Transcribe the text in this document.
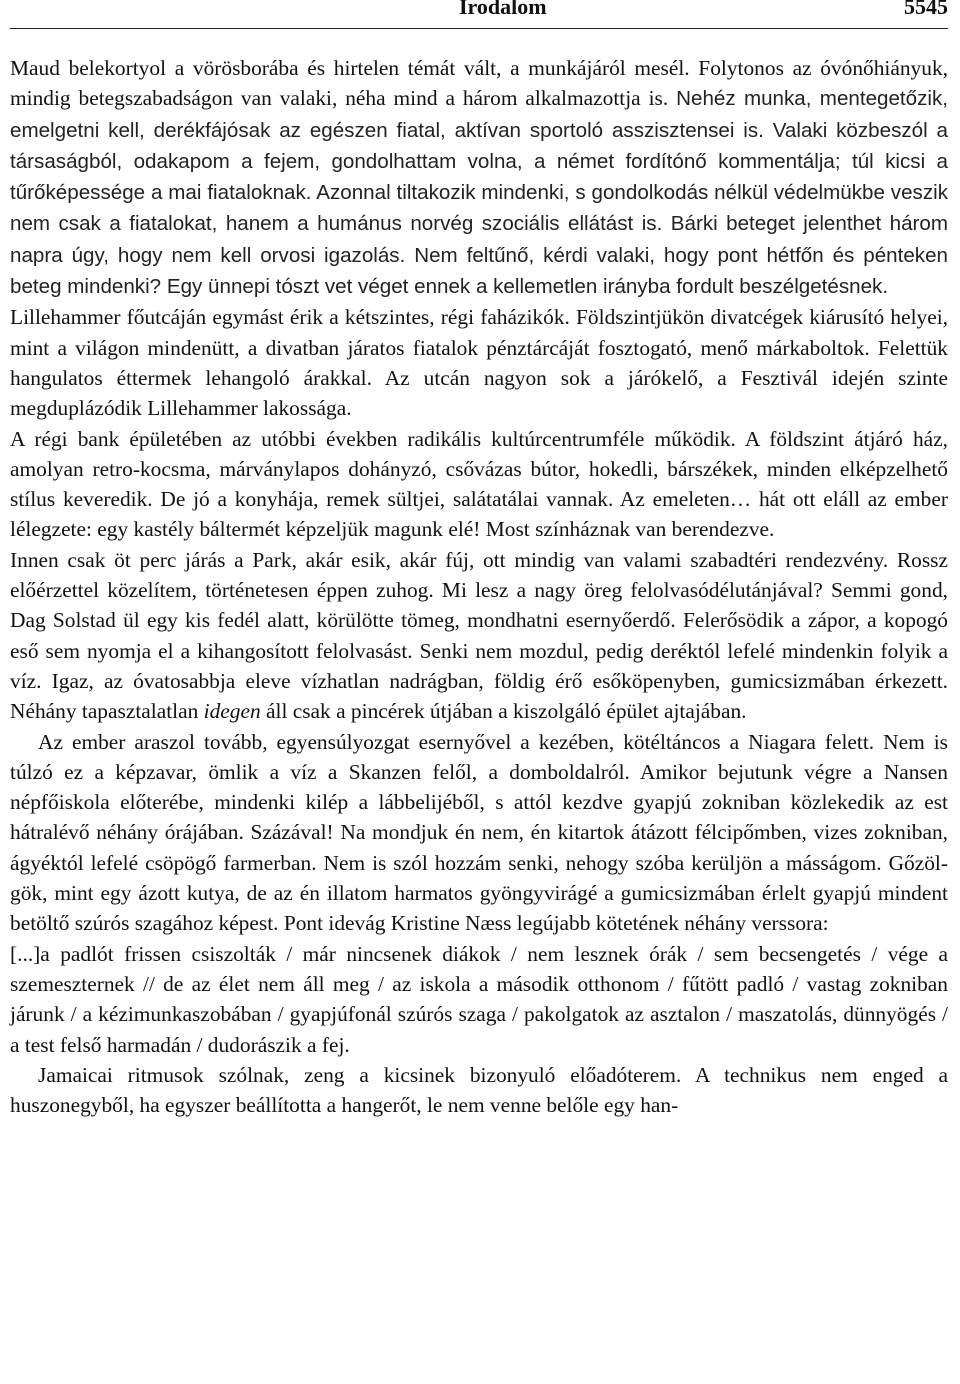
Irodalom	5545

Maud belekortyol a vörösborába és hirtelen témát vált, a munkájáról mesél. Folytonos az óvónőhiányuk, mindig betegszabadságon van valaki, néha mind a három alkalmazottja is. Nehéz munka, mentegetőzik, emelgetni kell, derékfájósak az egészen fiatal, aktívan sportoló asszisztensei is. Valaki közbeszól a társaságból, odakapom a fejem, gondolhattam volna, a német fordítónő kommentálja; túl kicsi a tűrőképessége a mai fiataloknak. Azonnal tiltakozik mindenki, s gondolkodás nélkül védelmükbe veszik nem csak a fiatalokat, hanem a humánus norvég szociális ellátást is. Bárki beteget jelenthet három napra úgy, hogy nem kell orvosi igazolás. Nem feltűnő, kérdi valaki, hogy pont hétfőn és pénteken beteg mindenki? Egy ünnepi tószt vet véget ennek a kellemetlen irányba fordult beszélgetésnek.

Lillehammer főutcáján egymást érik a kétszintes, régi faházikók. Földszintjükön divatcégek kiárusító helyei, mint a világon mindenütt, a divatban járatos fiatalok pénztárcáját fosztogató, menő márkaboltok. Felettük hangulatos éttermek lehangoló árakkal. Az utcán nagyon sok a járókelő, a Fesztivál idején szinte megduplázódik Lillehammer lakossága.

A régi bank épületében az utóbbi években radikális kultúrcentrumféle működik. A földszint átjáró ház, amolyan retro-kocsma, márványlapos dohányzó, csővázas bútor, hokedli, bárszékek, minden elképzelhető stílus keveredik. De jó a konyhája, remek sültjei, salátatálai vannak. Az emeleten… hát ott eláll az ember lélegzete: egy kastély báltermét képzeljük magunk elé! Most színháznak van berendezve.

Innen csak öt perc járás a Park, akár esik, akár fúj, ott mindig van valami szabadtéri rendezvény. Rossz előérzettel közelítem, történetesen éppen zuhog. Mi lesz a nagy öreg felolvasódélutánjával? Semmi gond, Dag Solstad ül egy kis fedél alatt, körülötte tömeg, mondhatni esernyőerdő. Felerősödik a zápor, a kopogó eső sem nyomja el a kihangosított felolvasást. Senki nem mozdul, pedig deréktól lefelé mindenkin folyik a víz. Igaz, az óvatosabbja eleve vízhatlan nadrágban, földig érő esőköpenyben, gumicsizmában érkezett. Néhány tapasztalatlan idegen áll csak a pincérek útjában a kiszolgáló épület ajtajában.

Az ember araszol tovább, egyensúlyozgat esernyővel a kezében, kötéltáncos a Niagara felett. Nem is túlzó ez a képzavar, ömlik a víz a Skanzen felől, a domboldalról. Amikor bejutunk végre a Nansen népfőiskola előterébe, mindenki kilép a lábbelijéből, s attól kezdve gyapjú zokniban közlekedik az est hátralévő néhány órájában. Százával! Na mondjuk én nem, én kitartok átázott félcipőmben, vizes zokniban, ágyéktól lefelé csöpögő farmerban. Nem is szól hozzám senki, nehogy szóba kerüljön a másságom. Gőzölgök, mint egy ázott kutya, de az én illatom harmatos gyöngyvirágé a gumicsizmában érlelt gyapjú mindent betöltő szúrós szagához képest. Pont idevág Kristine Næss legújabb kötetének néhány verssora:

[...]a padlót frissen csiszolták / már nincsenek diákok / nem lesznek órák / sem becsengetés / vége a szemeszternek // de az élet nem áll meg / az iskola a második otthonom / fűtött padló / vastag zokniban járunk / a kézimunkaszobában / gyapjúfonál szúrós szaga / pakolgatok az asztalon / maszatolás, dünnyögés / a test felső harmadán / dudorászik a fej.

Jamaicai ritmusok szólnak, zeng a kicsinek bizonyuló előadóterem. A technikus nem enged a huszonegyből, ha egyszer beállította a hangerőt, le nem venne belőle egy han-
